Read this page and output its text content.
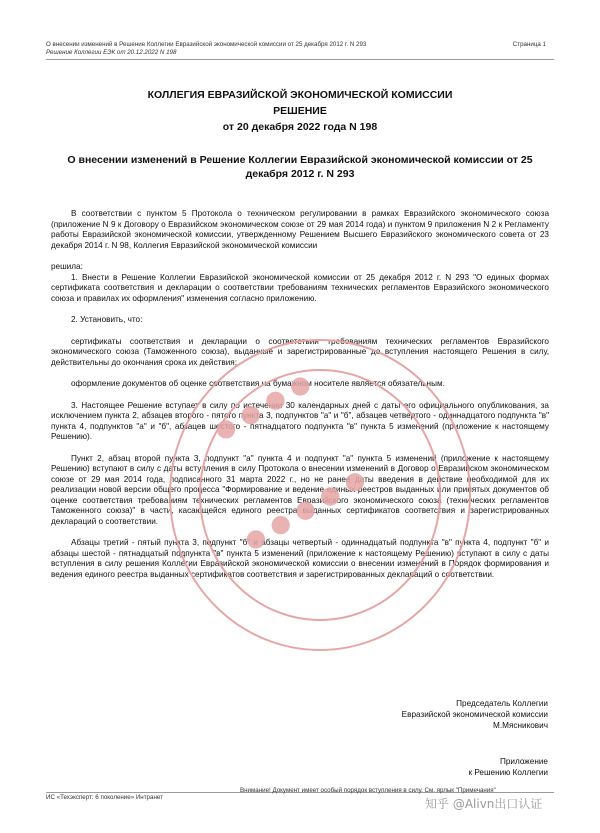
О внесении изменений в Решение Коллегии Евразийской экономической комиссии от 25 декабря 2012 г. N 293	Страница 1
Решение Коллегии ЕЭК от 20.12.2022 N 198
КОЛЛЕГИЯ ЕВРАЗИЙСКОЙ ЭКОНОМИЧЕСКОЙ КОМИССИИ
РЕШЕНИЕ
от 20 декабря 2022 года N 198
О внесении изменений в Решение Коллегии Евразийской экономической комиссии от 25 декабря 2012 г. N 293

В соответствии с пунктом 5 Протокола о техническом регулировании в рамках Евразийского экономического союза (приложение N 9 к Договору о Евразийском экономическом союзе от 29 мая 2014 года) и пунктом 9 приложения N 2 к Регламенту работы Евразийской экономической комиссии, утвержденному Решением Высшего Евразийского экономического совета от 23 декабря 2014 г. N 98, Коллегия Евразийской экономической комиссии

решила:

1. Внести в Решение Коллегии Евразийской экономической комиссии от 25 декабря 2012 г. N 293 "О единых формах сертификата соответствия и декларации о соответствии требованиям технических регламентов Евразийского экономического союза и правилах их оформления" изменения согласно приложению.

2. Установить, что:

сертификаты соответствия и декларации о соответствии требованиям технических регламентов Евразийского экономического союза (Таможенного союза), выданные и зарегистрированные до вступления настоящего Решения в силу, действительны до окончания срока их действия;

оформление документов об оценке соответствия на бумажном носителе является обязательным.

3. Настоящее Решение вступает в силу по истечении 30 календарных дней с даты его официального опубликования, за исключением пункта 2, абзацев второго - пятого пункта 3, подпунктов "а" и "б", абзацев четвертого - одиннадцатого подпункта "в" пункта 4, подпунктов "а" и "б", абзацев шестого - пятнадцатого подпункта "в" пункта 5 изменений (приложение к настоящему Решению).

Пункт 2, абзац второй пункта 3, подпункт "а" пункта 4 и подпункт "а" пункта 5 изменений (приложение к настоящему Решению) вступают в силу с даты вступления в силу Протокола о внесении изменений в Договор о Евразийском экономическом союзе от 29 мая 2014 года, подписанного 31 марта 2022 г., но не ранее даты введения в действие необходимой для их реализации новой версии общего процесса "Формирование и ведение единых реестров выданных или принятых документов об оценке соответствия требованиям технических регламентов Евразийского экономического союза (технических регламентов Таможенного союза)" в части, касающейся единого реестра выданных сертификатов соответствия и зарегистрированных деклараций о соответствии.

Абзацы третий - пятый пункта 3, подпункт "б" и абзацы четвертый - одиннадцатый подпункта "в" пункта 4, подпункт "б" и абзацы шестой - пятнадцатый подпункта "в" пункта 5 изменений (приложение к настоящему Решению) вступают в силу с даты вступления в силу решения Коллегии Евразийской экономической комиссии о внесении изменений в Порядок формирования и ведения единого реестра выданных сертификатов соответствия и зарегистрированных деклараций о соответствии.

● ● ● ●
● ● ● ● ●
Председатель Коллегии
Евразийской экономической комиссии
М.Мясникович
Приложение
к Решению Коллегии
ИС «Техэксперт: 6 поколение» Интранет
Внимание! Документ имеет особый порядок вступления в силу. См. ярлык "Примечания"
知乎 @Alivn出口认证
